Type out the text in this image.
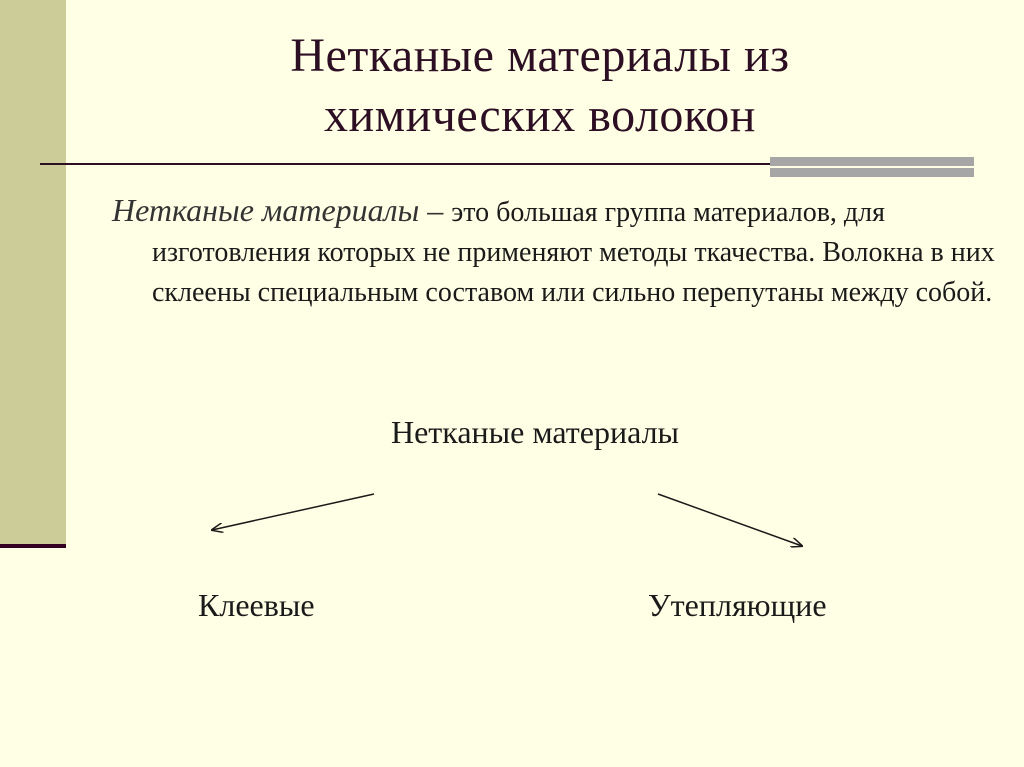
Нетканые материалы из
химических волокон
Нетканые материалы – это большая группа материалов, для изготовления которых не применяют методы ткачества. Волокна в них склеены специальным составом или сильно перепутаны между собой.
Нетканые материалы
Клеевые	Утепляющие
